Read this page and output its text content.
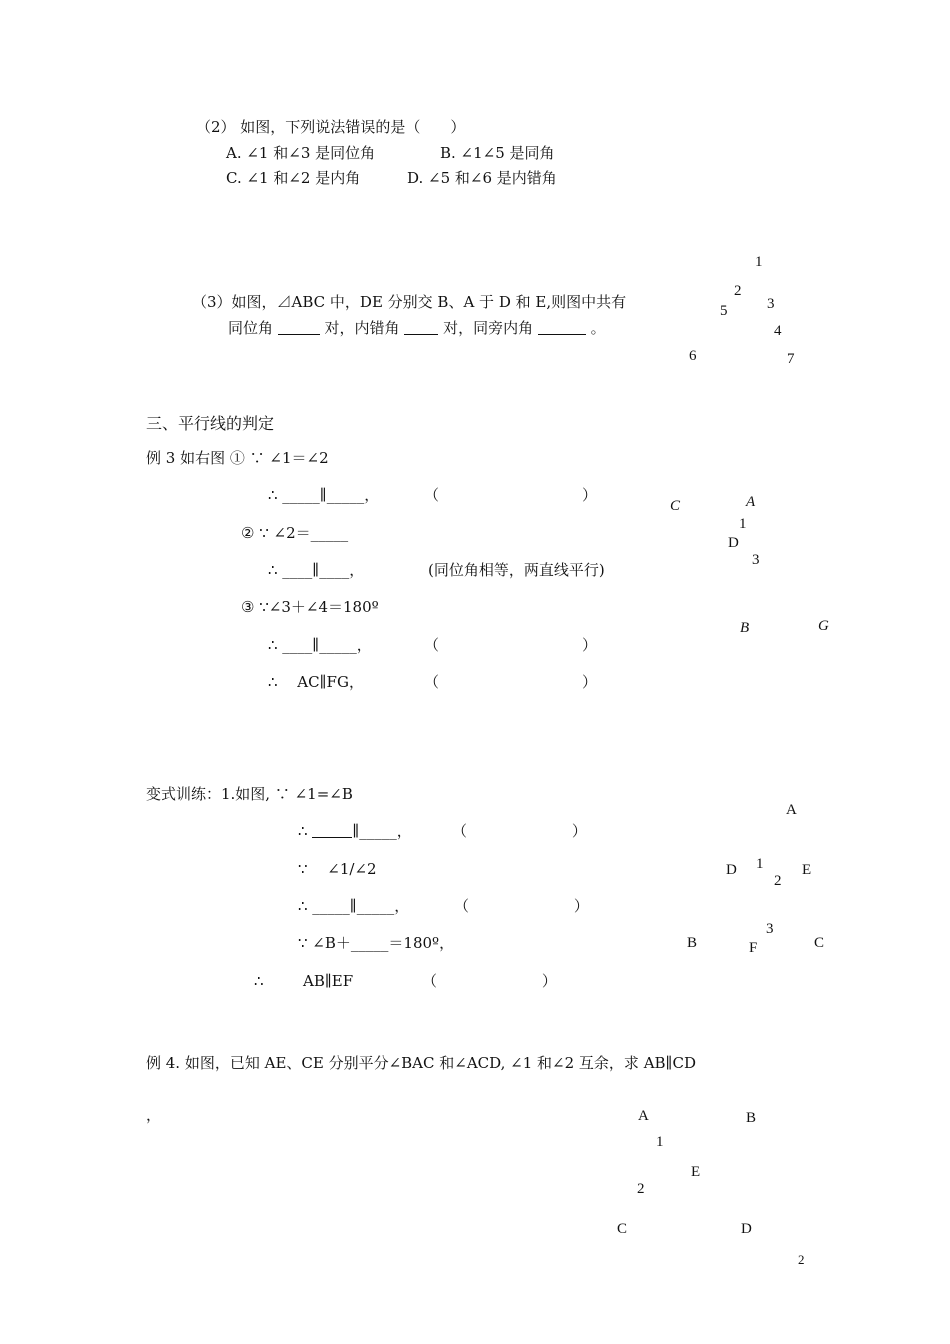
（2） 如图，下列说法错误的是（　　）
A. ∠1 和∠3 是同位角	B. ∠1∠5 是同角
C. ∠1 和∠2 是内角	D. ∠5 和∠6 是内错角
1
2
3
5
4
6	7
（3）如图，⊿ABC 中，DE 分别交 B、A 于 D 和 E,则图中共有
同位角	对，内错角  对，同旁内角	。
三、平行线的判定
例 3 如右图 ① ∵ ∠1＝∠2
∴ _____∥_____，	（                              ）
② ∵ ∠2＝_____
∴ ____∥____，	(同位角相等，两直线平行)
③ ∵∠3＋∠4＝180º
∴ ____∥_____，	（                              ）
∴　 AC∥FG，	（                              ）
C	A
1
D
3
B	G
变式训练：1.如图, ∵ ∠1=∠B
∴	∥_____，	（                      ）
∵ 　∠1/∠2
∴ _____∥_____，	（                      ）
∵ ∠B＋_____＝180º，
∴	AB∥EF	（                      ）
A
D 1
2
E
3
B	F	C
例 4. 如图，已知 AE、CE 分别平分∠BAC 和∠ACD, ∠1 和∠2 互余，求 AB∥CD
，	A	B
1
E
2
C	D
2
